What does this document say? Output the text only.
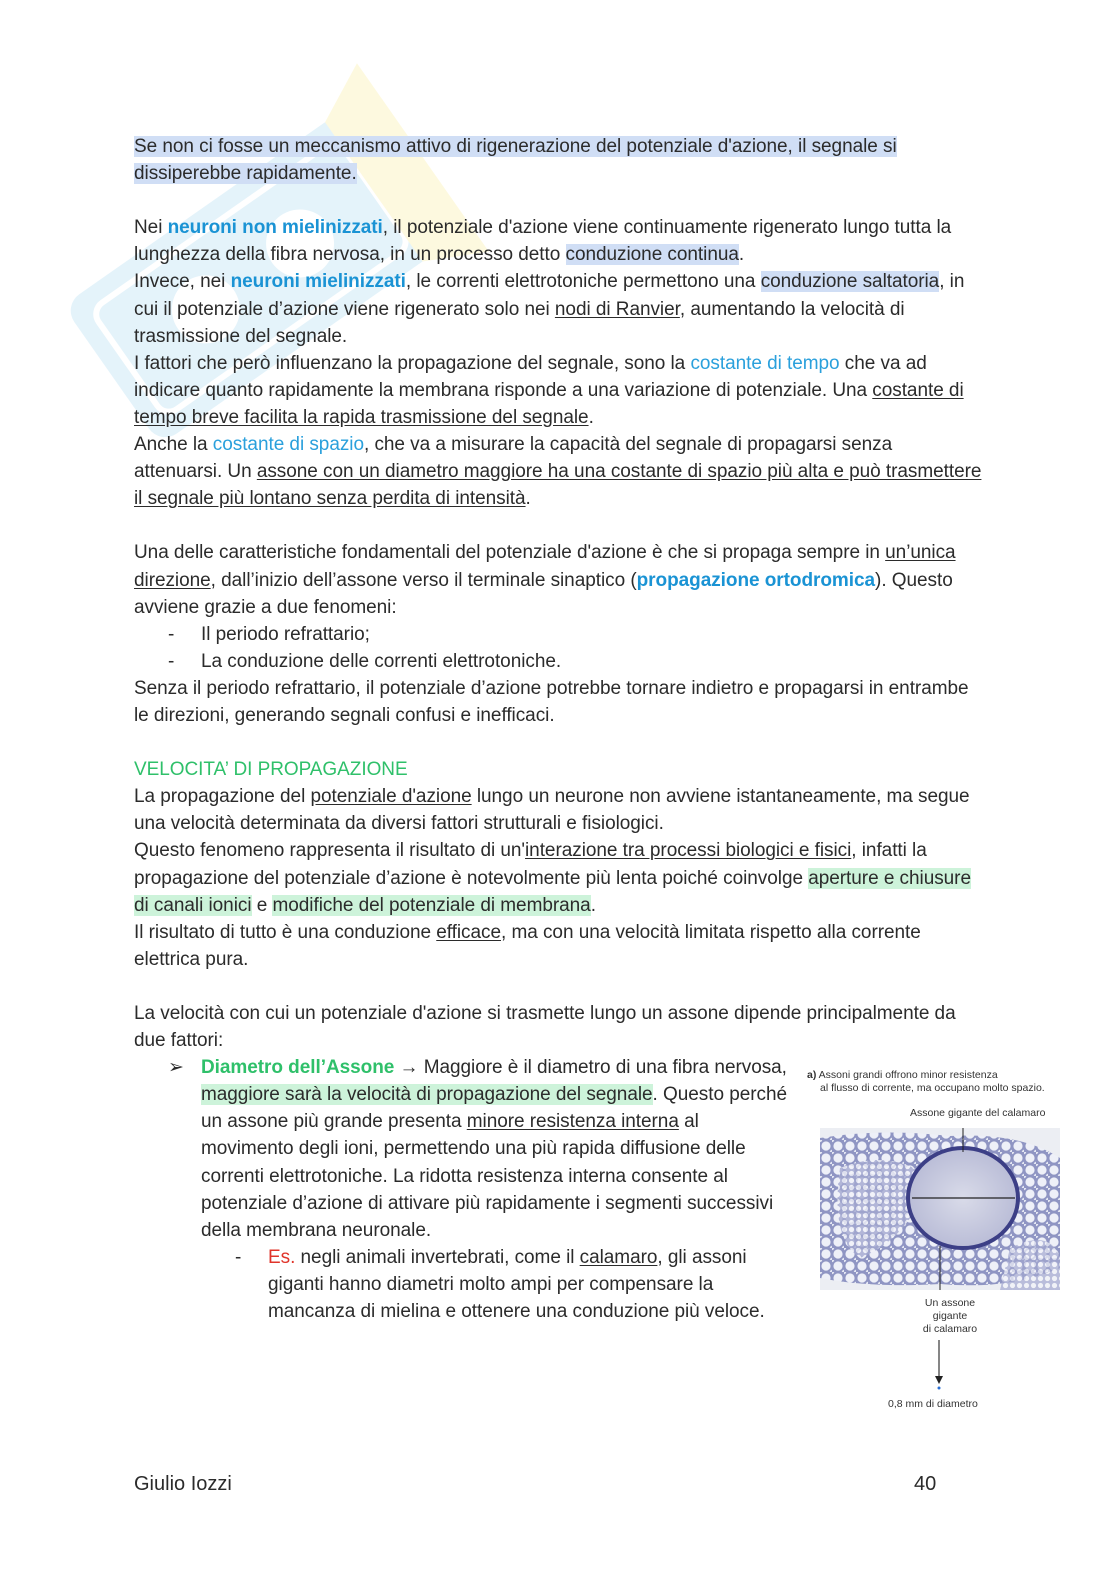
Se non ci fosse un meccanismo attivo di rigenerazione del potenziale d'azione, il segnale si dissiperebbe rapidamente.

Nei neuroni non mielinizzati, il potenziale d'azione viene continuamente rigenerato lungo tutta la lunghezza della fibra nervosa, in un processo detto conduzione continua.

Invece, nei neuroni mielinizzati, le correnti elettrotoniche permettono una conduzione saltatoria, in cui il potenziale d’azione viene rigenerato solo nei nodi di Ranvier, aumentando la velocità di trasmissione del segnale.

I fattori che però influenzano la propagazione del segnale, sono la costante di tempo che va ad indicare quanto rapidamente la membrana risponde a una variazione di potenziale. Una costante di tempo breve facilita la rapida trasmissione del segnale.

Anche la costante di spazio, che va a misurare la capacità del segnale di propagarsi senza attenuarsi. Un assone con un diametro maggiore ha una costante di spazio più alta e può trasmettere il segnale più lontano senza perdita di intensità.

Una delle caratteristiche fondamentali del potenziale d'azione è che si propaga sempre in un’unica direzione, dall’inizio dell’assone verso il terminale sinaptico (propagazione ortodromica). Questo avviene grazie a due fenomeni:

- Il periodo refrattario;
- La conduzione delle correnti elettrotoniche.

Senza il periodo refrattario, il potenziale d’azione potrebbe tornare indietro e propagarsi in entrambe le direzioni, generando segnali confusi e inefficaci.

VELOCITA’ DI PROPAGAZIONE

La propagazione del potenziale d'azione lungo un neurone non avviene istantaneamente, ma segue una velocità determinata da diversi fattori strutturali e fisiologici.

Questo fenomeno rappresenta il risultato di un'interazione tra processi biologici e fisici, infatti la propagazione del potenziale d’azione è notevolmente più lenta poiché coinvolge aperture e chiusure di canali ionici e modifiche del potenziale di membrana.

Il risultato di tutto è una conduzione efficace, ma con una velocità limitata rispetto alla corrente elettrica pura.

La velocità con cui un potenziale d'azione si trasmette lungo un assone dipende principalmente da due fattori:

➢ Diametro dell’Assone → Maggiore è il diametro di una fibra nervosa, maggiore sarà la velocità di propagazione del segnale. Questo perché un assone più grande presenta minore resistenza interna al movimento degli ioni, permettendo una più rapida diffusione delle correnti elettrotoniche. La ridotta resistenza interna consente al potenziale d’azione di attivare più rapidamente i segmenti successivi della membrana neuronale.
- Es. negli animali invertebrati, come il calamaro, gli assoni giganti hanno diametri molto ampi per compensare la mancanza di mielina e ottenere una conduzione più veloce.
a) Assoni grandi offrono minor resistenza
al flusso di corrente, ma occupano molto spazio.
Assone gigante del calamaro
Un assone
gigante
di calamaro
0,8 mm di diametro
Giulio Iozzi	40
